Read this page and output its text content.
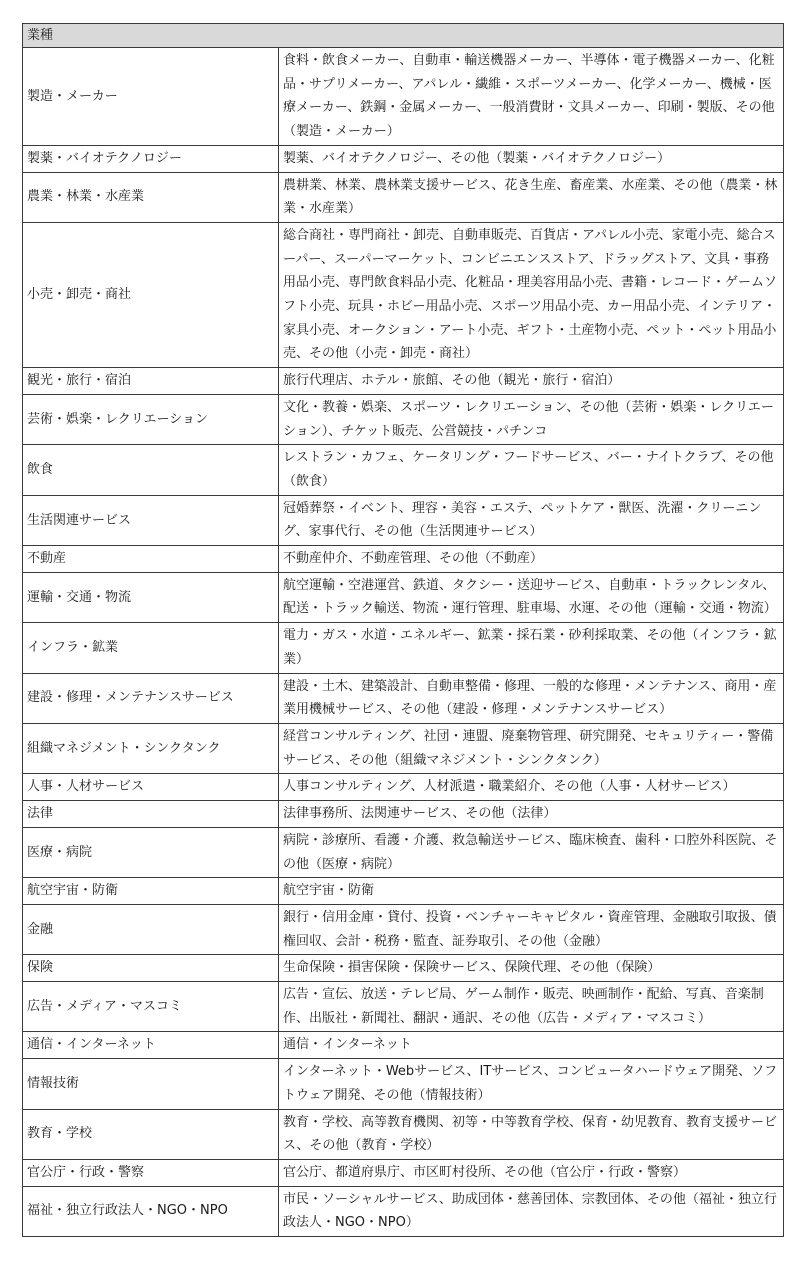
業種	
製造・メーカー	食料・飲食メーカー、自動車・輸送機器メーカー、半導体・電子機器メーカー、化粧品・サプリメーカー、アパレル・繊維・スポーツメーカー、化学メーカー、機械・医療メーカー、鉄鋼・金属メーカー、一般消費財・文具メーカー、印刷・製版、その他（製造・メーカー）
製薬・バイオテクノロジー	製薬、バイオテクノロジー、その他（製薬・バイオテクノロジー）
農業・林業・水産業	農耕業、林業、農林業支援サービス、花き生産、畜産業、水産業、その他（農業・林業・水産業）
小売・卸売・商社	総合商社・専門商社・卸売、自動車販売、百貨店・アパレル小売、家電小売、総合スーパー、スーパーマーケット、コンビニエンスストア、ドラッグストア、文具・事務用品小売、専門飲食料品小売、化粧品・理美容用品小売、書籍・レコード・ゲームソフト小売、玩具・ホビー用品小売、スポーツ用品小売、カー用品小売、インテリア・家具小売、オークション・アート小売、ギフト・土産物小売、ペット・ペット用品小売、その他（小売・卸売・商社）
観光・旅行・宿泊	旅行代理店、ホテル・旅館、その他（観光・旅行・宿泊）
芸術・娯楽・レクリエーション	文化・教養・娯楽、スポーツ・レクリエーション、その他（芸術・娯楽・レクリエーション）、チケット販売、公営競技・パチンコ
飲食	レストラン・カフェ、ケータリング・フードサービス、バー・ナイトクラブ、その他（飲食）
生活関連サービス	冠婚葬祭・イベント、理容・美容・エステ、ペットケア・獣医、洗濯・クリーニング、家事代行、その他（生活関連サービス）
不動産	不動産仲介、不動産管理、その他（不動産）
運輸・交通・物流	航空運輸・空港運営、鉄道、タクシー・送迎サービス、自動車・トラックレンタル、配送・トラック輸送、物流・運行管理、駐車場、水運、その他（運輸・交通・物流）
インフラ・鉱業	電力・ガス・水道・エネルギー、鉱業・採石業・砂利採取業、その他（インフラ・鉱業）
建設・修理・メンテナンスサービス	建設・土木、建築設計、自動車整備・修理、一般的な修理・メンテナンス、商用・産業用機械サービス、その他（建設・修理・メンテナンスサービス）
組織マネジメント・シンクタンク	経営コンサルティング、社団・連盟、廃棄物管理、研究開発、セキュリティー・警備サービス、その他（組織マネジメント・シンクタンク）
人事・人材サービス	人事コンサルティング、人材派遣・職業紹介、その他（人事・人材サービス）
法律	法律事務所、法関連サービス、その他（法律）
医療・病院	病院・診療所、看護・介護、救急輸送サービス、臨床検査、歯科・口腔外科医院、その他（医療・病院）
航空宇宙・防衛	航空宇宙・防衛
金融	銀行・信用金庫・貸付、投資・ベンチャーキャピタル・資産管理、金融取引取扱、債権回収、会計・税務・監査、証券取引、その他（金融）
保険	生命保険・損害保険・保険サービス、保険代理、その他（保険）
広告・メディア・マスコミ	広告・宣伝、放送・テレビ局、ゲーム制作・販売、映画制作・配給、写真、音楽制作、出版社・新聞社、翻訳・通訳、その他（広告・メディア・マスコミ）
通信・インターネット	通信・インターネット
情報技術	インターネット・Webサービス、ITサービス、コンピュータハードウェア開発、ソフトウェア開発、その他（情報技術）
教育・学校	教育・学校、高等教育機関、初等・中等教育学校、保育・幼児教育、教育支援サービス、その他（教育・学校）
官公庁・行政・警察	官公庁、都道府県庁、市区町村役所、その他（官公庁・行政・警察）
福祉・独立行政法人・NGO・NPO	市民・ソーシャルサービス、助成団体・慈善団体、宗教団体、その他（福祉・独立行政法人・NGO・NPO）
